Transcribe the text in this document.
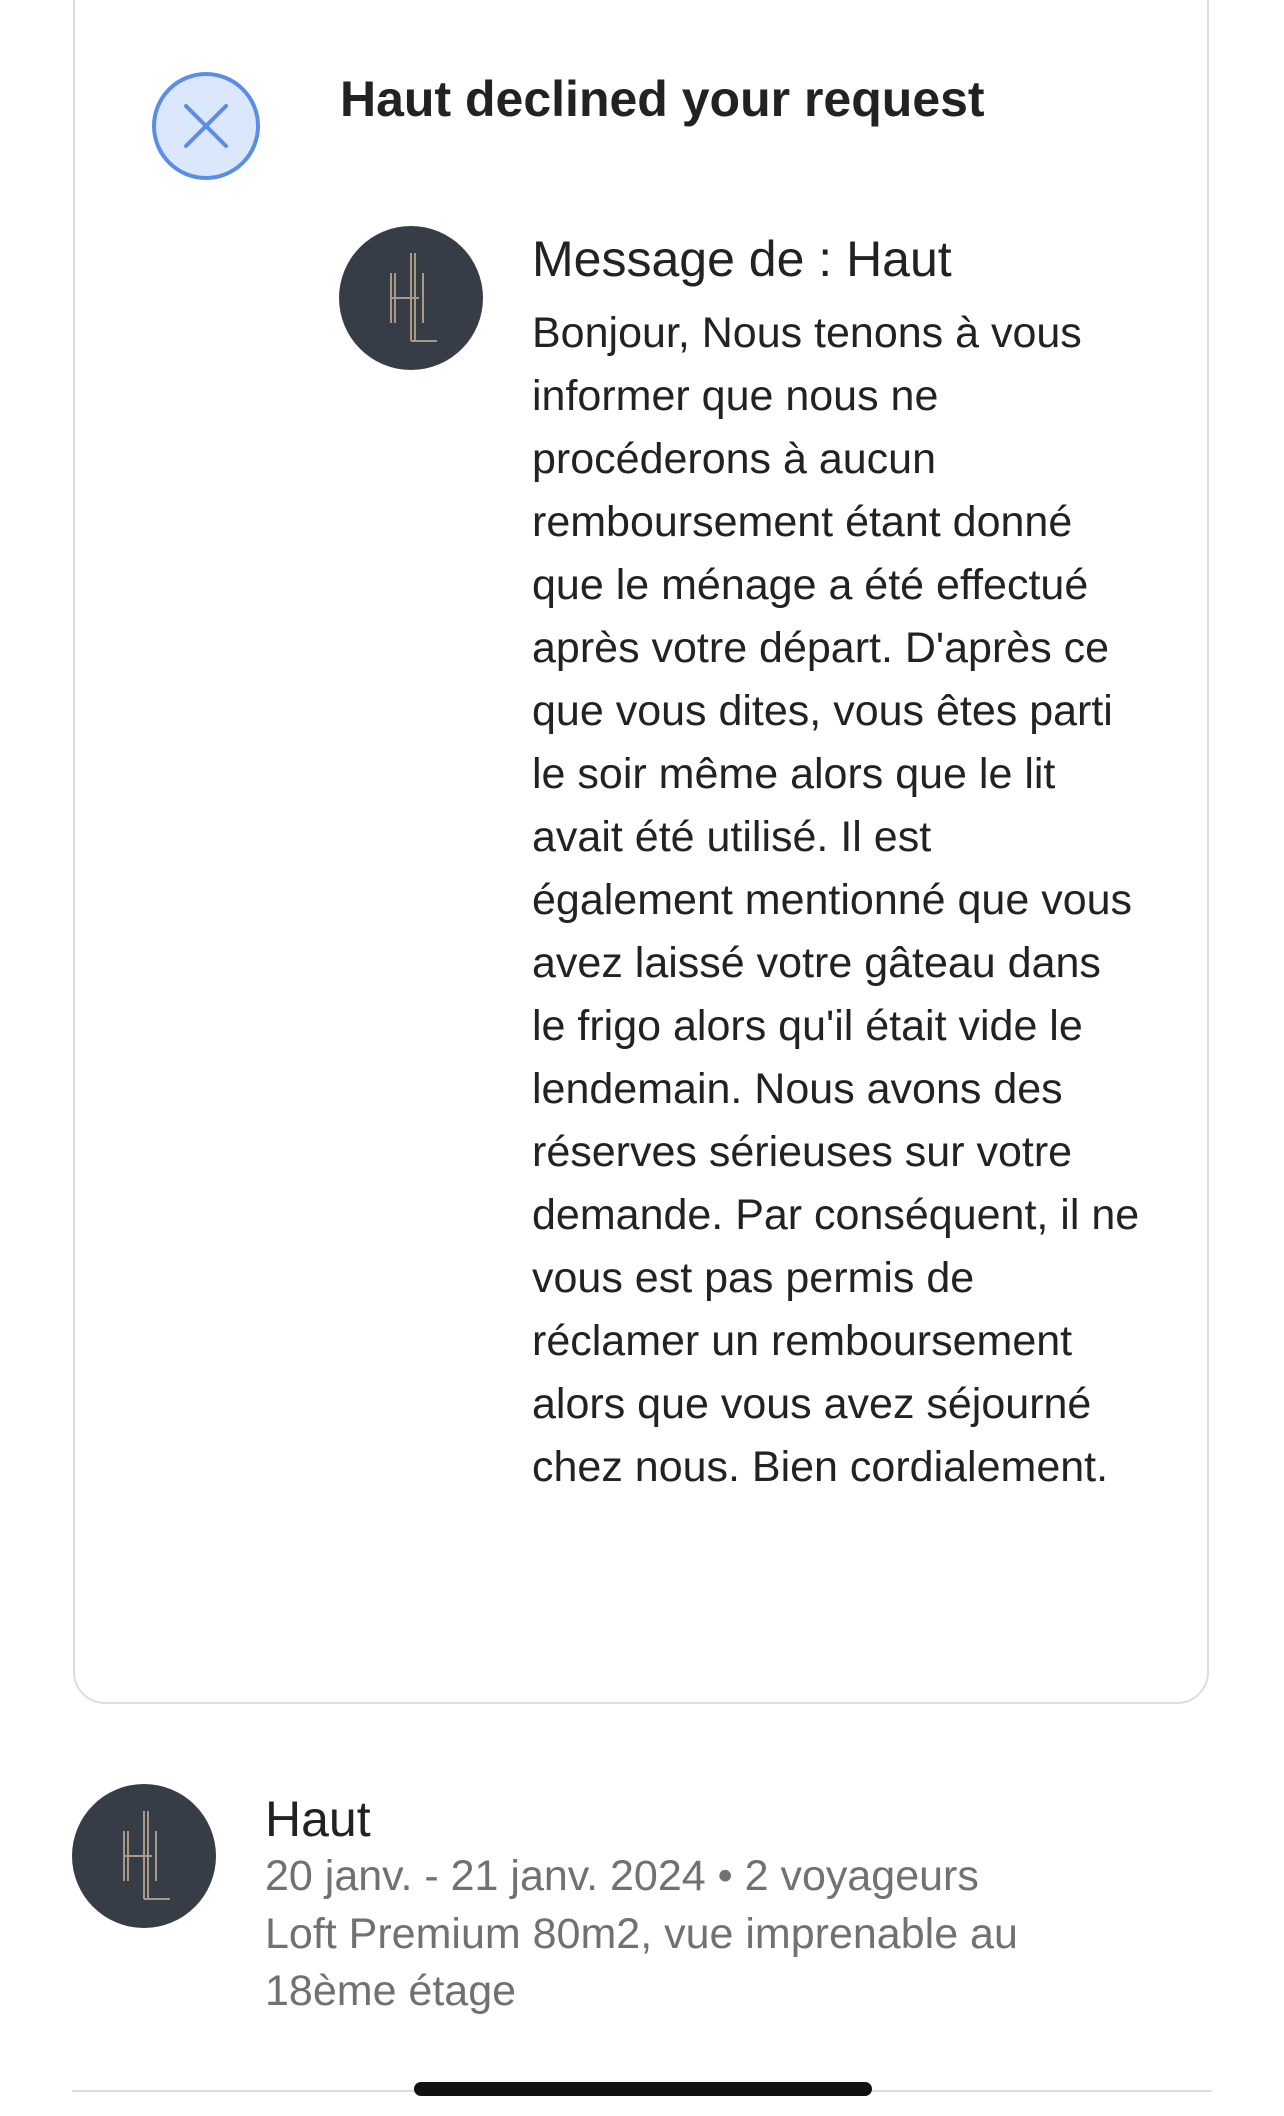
Haut declined your request
Message de : Haut
Bonjour, Nous tenons à vous informer que nous ne procéderons à aucun remboursement étant donné que le ménage a été effectué après votre départ. D'après ce que vous dites, vous êtes parti le soir même alors que le lit avait été utilisé. Il est également mentionné que vous avez laissé votre gâteau dans le frigo alors qu'il était vide le lendemain. Nous avons des réserves sérieuses sur votre demande. Par conséquent, il ne vous est pas permis de réclamer un remboursement alors que vous avez séjourné chez nous. Bien cordialement.
Haut
20 janv. - 21 janv. 2024 • 2 voyageurs
Loft Premium 80m2, vue imprenable au 18ème étage
